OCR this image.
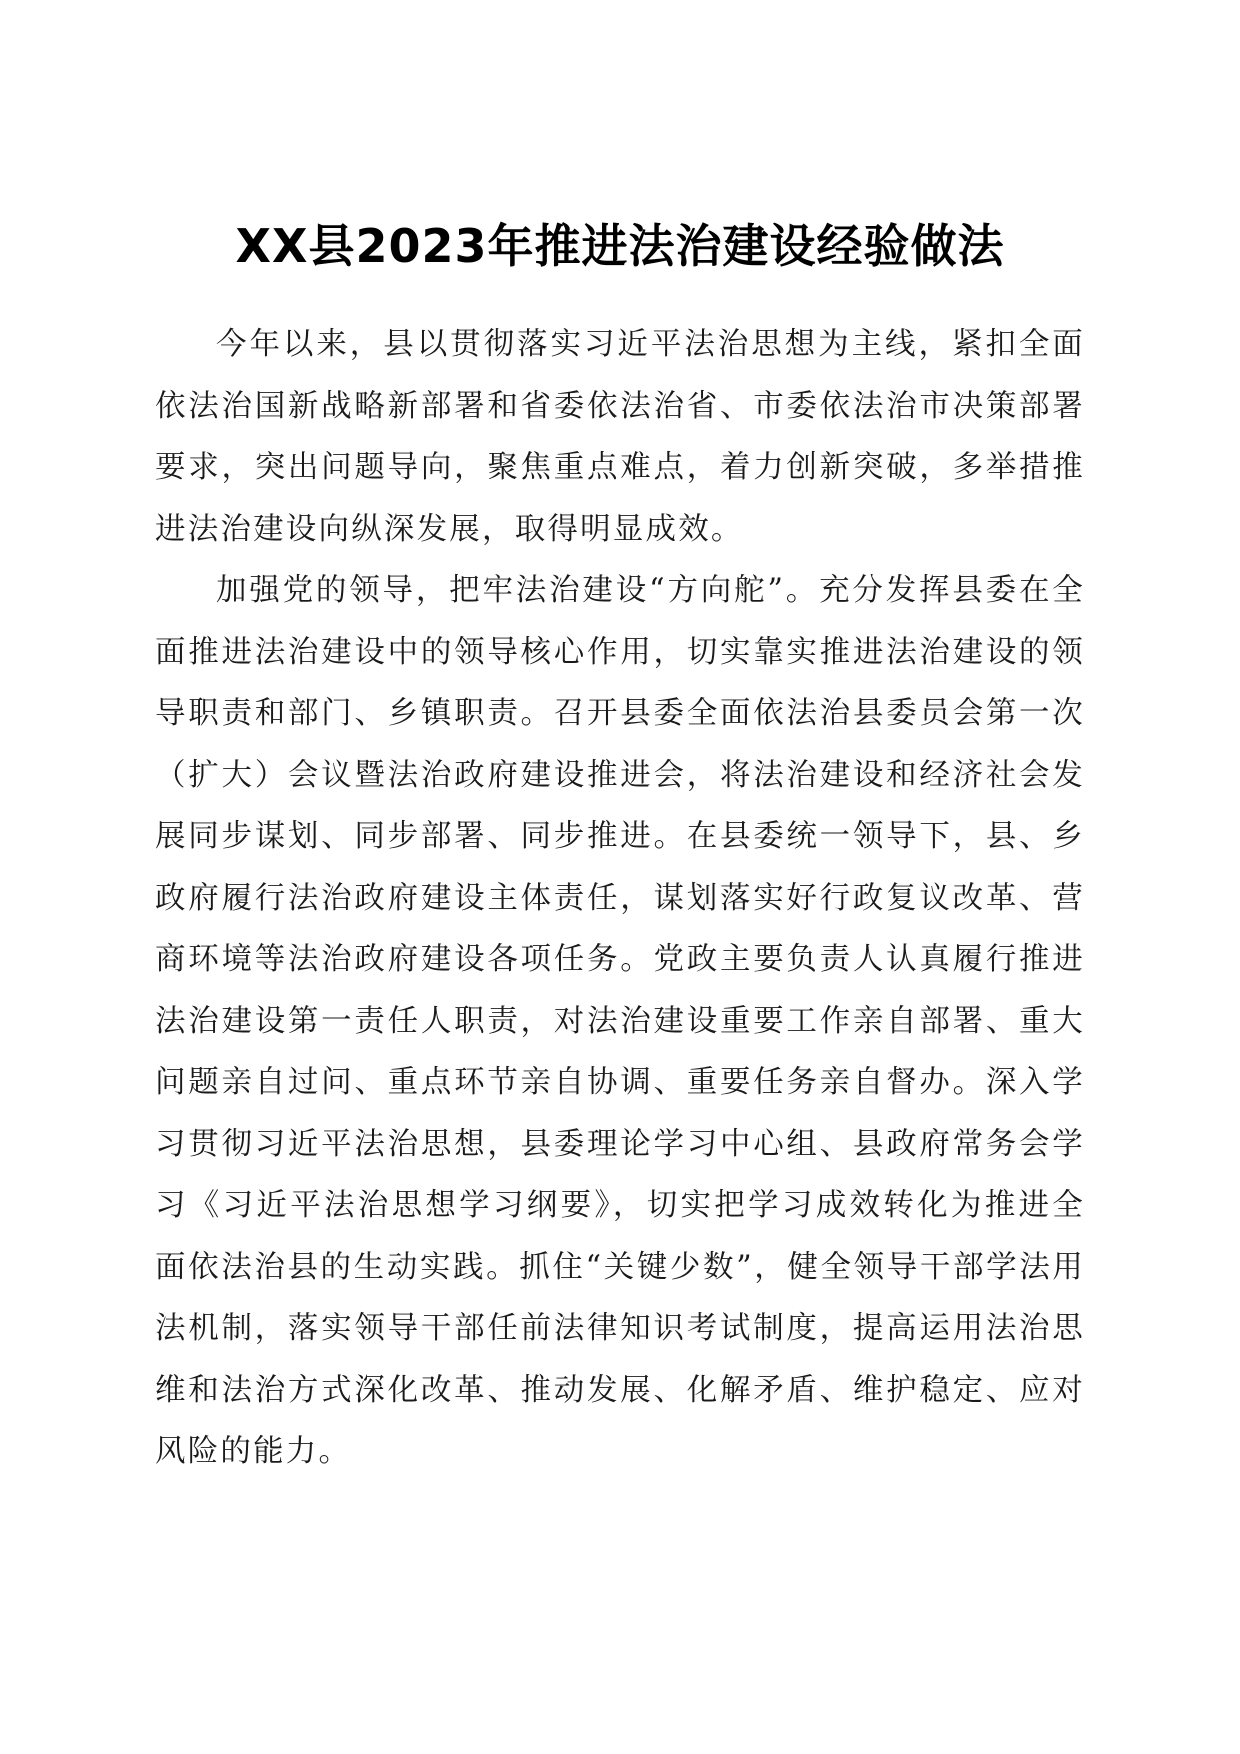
XX县2023年推进法治建设经验做法

今年以来，县以贯彻落实习近平法治思想为主线，紧扣全面依法治国新战略新部署和省委依法治省、市委依法治市决策部署要求，突出问题导向，聚焦重点难点，着力创新突破，多举措推进法治建设向纵深发展，取得明显成效。

加强党的领导，把牢法治建设“方向舵”。充分发挥县委在全面推进法治建设中的领导核心作用，切实靠实推进法治建设的领导职责和部门、乡镇职责。召开县委全面依法治县委员会第一次（扩大）会议暨法治政府建设推进会，将法治建设和经济社会发展同步谋划、同步部署、同步推进。在县委统一领导下，县、乡政府履行法治政府建设主体责任，谋划落实好行政复议改革、营商环境等法治政府建设各项任务。党政主要负责人认真履行推进法治建设第一责任人职责，对法治建设重要工作亲自部署、重大问题亲自过问、重点环节亲自协调、重要任务亲自督办。深入学习贯彻习近平法治思想，县委理论学习中心组、县政府常务会学习《习近平法治思想学习纲要》，切实把学习成效转化为推进全面依法治县的生动实践。抓住“关键少数”，健全领导干部学法用法机制，落实领导干部任前法律知识考试制度，提高运用法治思维和法治方式深化改革、推动发展、化解矛盾、维护稳定、应对风险的能力。
